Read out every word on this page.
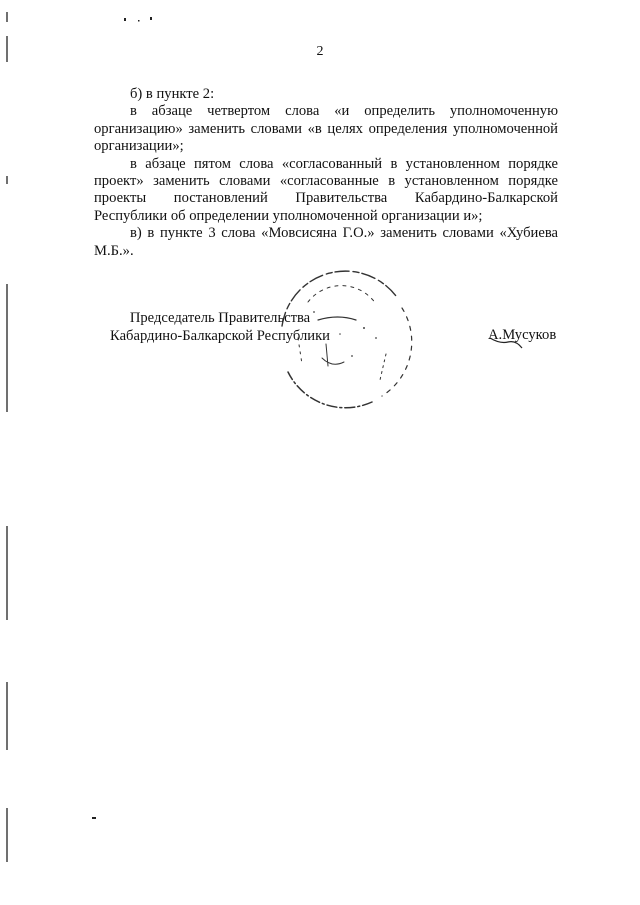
2

б) в пункте 2:

в абзаце четвертом слова «и определить уполномоченную организацию» заменить словами «в целях определения уполномоченной организации»;

в абзаце пятом слова «согласованный в установленном порядке проект» заменить словами «согласованные в установленном порядке проекты постановлений Правительства Кабардино-Балкарской Республики об определении уполномоченной организации и»;

в) в пункте 3 слова «Мовсисяна Г.О.» заменить словами «Хубиева М.Б.».

Председатель Правительства
Кабардино-Балкарской Республики	А.Мусуков
